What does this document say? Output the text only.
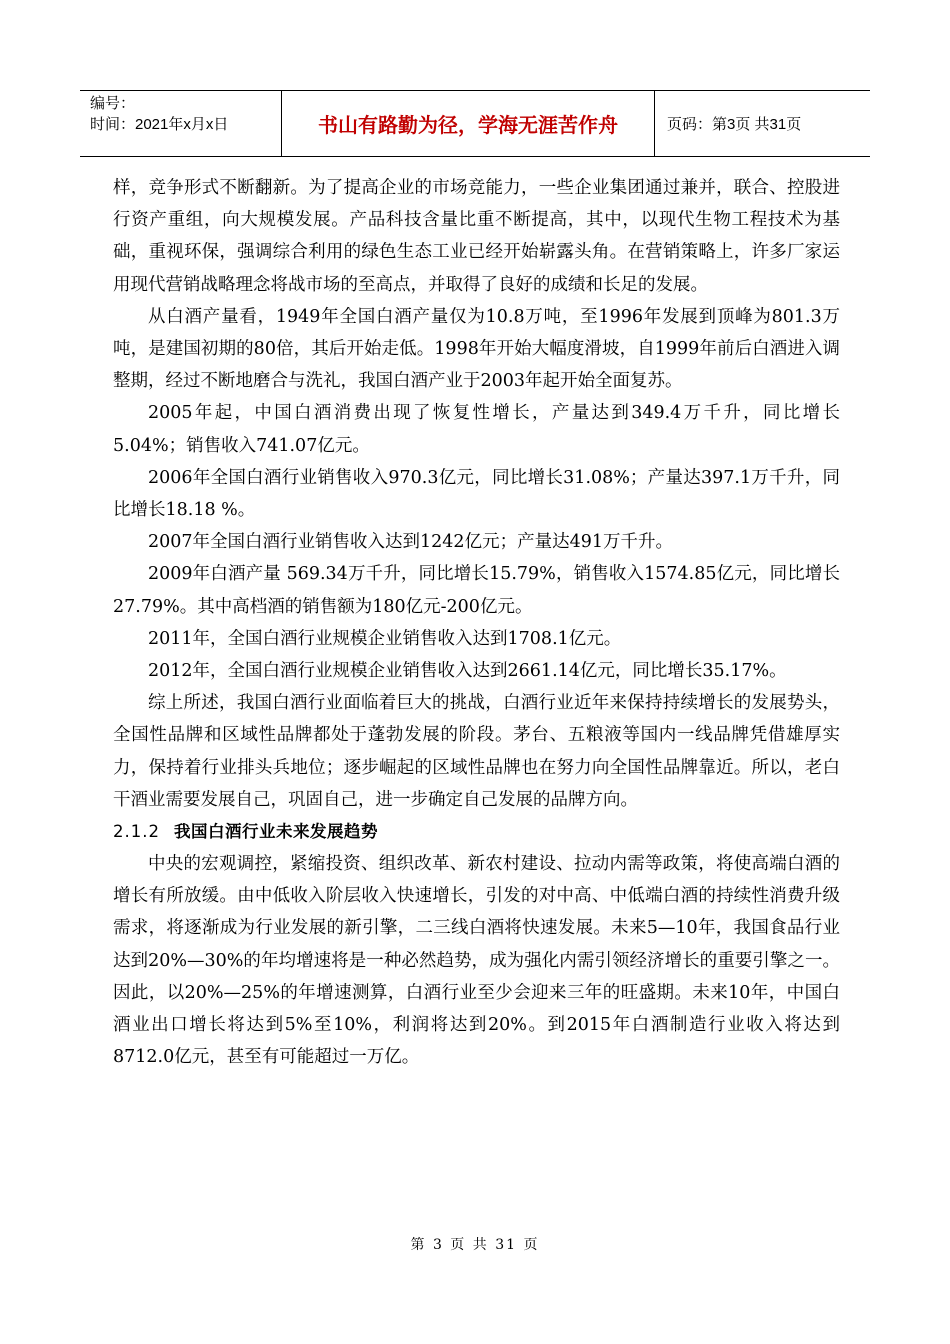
编号：
时间：2021年x月x日	书山有路勤为径，学海无涯苦作舟	页码：第3页 共31页

样，竞争形式不断翻新。为了提高企业的市场竞能力，一些企业集团通过兼并，联合、控股进行资产重组，向大规模发展。产品科技含量比重不断提高，其中，以现代生物工程技术为基础，重视环保，强调综合利用的绿色生态工业已经开始崭露头角。在营销策略上，许多厂家运用现代营销战略理念将战市场的至高点，并取得了良好的成绩和长足的发展。

从白酒产量看，1949年全国白酒产量仅为10.8万吨，至1996年发展到顶峰为801.3万吨，是建国初期的80倍，其后开始走低。1998年开始大幅度滑坡，自1999年前后白酒进入调整期，经过不断地磨合与洗礼，我国白酒产业于2003年起开始全面复苏。

2005年起，中国白酒消费出现了恢复性增长，产量达到349.4万千升，同比增长5.04%；销售收入741.07亿元。

2006年全国白酒行业销售收入970.3亿元，同比增长31.08%；产量达397.1万千升，同比增长18.18 %。

2007年全国白酒行业销售收入达到1242亿元；产量达491万千升。

2009年白酒产量 569.34万千升，同比增长15.79%，销售收入1574.85亿元，同比增长27.79%。其中高档酒的销售额为180亿元-200亿元。

2011年，全国白酒行业规模企业销售收入达到1708.1亿元。

2012年，全国白酒行业规模企业销售收入达到2661.14亿元，同比增长35.17%。

综上所述，我国白酒行业面临着巨大的挑战，白酒行业近年来保持持续增长的发展势头，全国性品牌和区域性品牌都处于蓬勃发展的阶段。茅台、五粮液等国内一线品牌凭借雄厚实力，保持着行业排头兵地位；逐步崛起的区域性品牌也在努力向全国性品牌靠近。所以，老白干酒业需要发展自己，巩固自己，进一步确定自己发展的品牌方向。

2.1.2 我国白酒行业未来发展趋势

中央的宏观调控，紧缩投资、组织改革、新农村建设、拉动内需等政策，将使高端白酒的增长有所放缓。由中低收入阶层收入快速增长，引发的对中高、中低端白酒的持续性消费升级需求，将逐渐成为行业发展的新引擎，二三线白酒将快速发展。未来5—10年，我国食品行业达到20%—30%的年均增速将是一种必然趋势，成为强化内需引领经济增长的重要引擎之一。因此，以20%—25%的年增速测算，白酒行业至少会迎来三年的旺盛期。未来10年，中国白酒业出口增长将达到5%至10%，利润将达到20%。到2015年白酒制造行业收入将达到8712.0亿元，甚至有可能超过一万亿。

第 3 页 共 31 页
